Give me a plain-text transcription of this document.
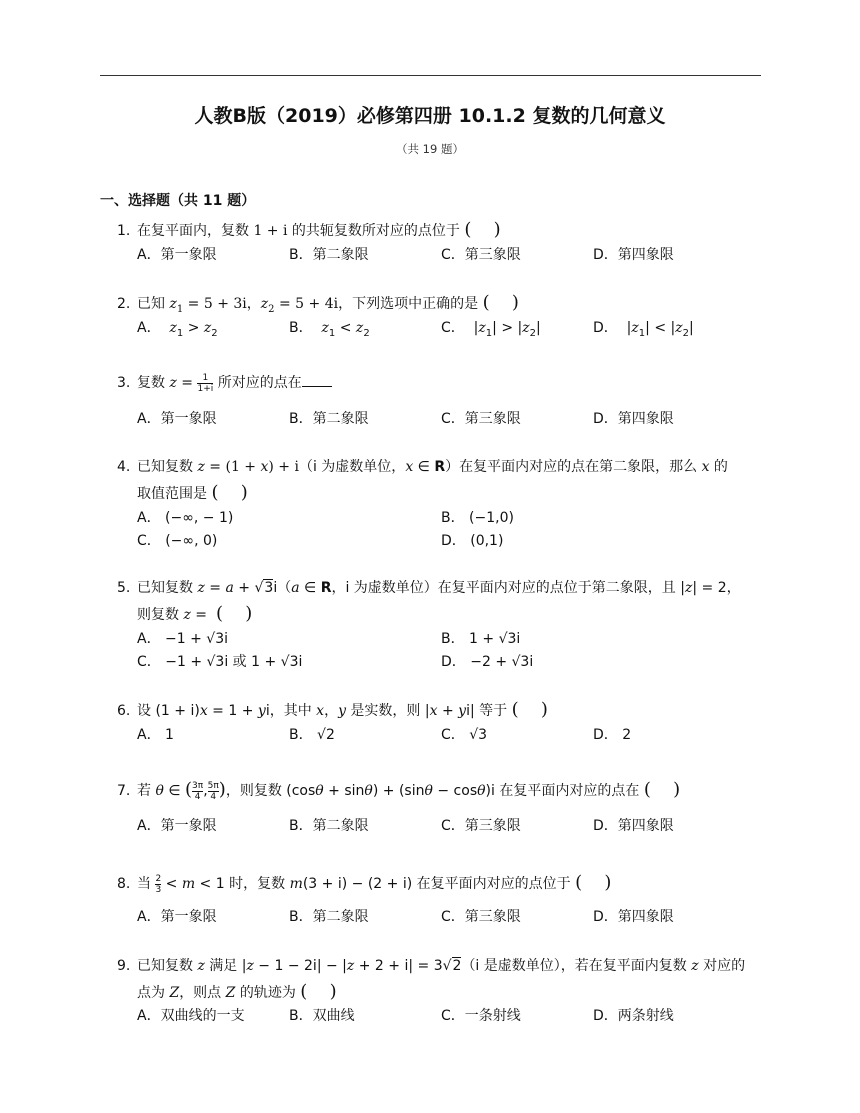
人教B版（2019）必修第四册 10.1.2 复数的几何意义
（共 19 题）
一、选择题（共 11 题）
1. 在复平面内，复数 1 + i 的共轭复数所对应的点位于 ( )
A．第一象限	B．第二象限	C．第三象限	D．第四象限
2. 已知 $z_1 = 5 + 3i$，$z_2 = 5 + 4i$，下列选项中正确的是 ( )
A．  $z_1 > z_2$	B．  $z_1 < z_2$	C．  $|z_1| > |z_2|$	D．  $|z_1| < |z_2|$
3. 复数 $z = \frac{1}{1+i}$ 所对应的点在
A．第一象限	B．第二象限	C．第三象限	D．第四象限
4. 已知复数 z = (1 + x) + i（i 为虚数单位，x ∈ R）在复平面内对应的点在第二象限，那么 x 的
取值范围是 ( )
A． (−∞, − 1)	B． (−1,0)
C． (−∞, 0)	D． (0,1)
5. 已知复数 z = a + √3i（a ∈ R，i 为虚数单位）在复平面内对应的点位于第二象限，且 |z| = 2，
则复数 z =  ( )
A． −1 + √3i	B． 1 + √3i
C． −1 + √3i 或 1 + √3i	D． −2 + √3i
6. 设 (1 + i)x = 1 + yi，其中 x，y 是实数，则 |x + yi| 等于 ( )
A． 1	B． √2	C． √3	D． 2
7. 若 θ ∈ ( $\frac{3\pi}{4}$ , $\frac{5\pi}{4}$ )，则复数 (cosθ + sinθ) + (sinθ − cosθ)i 在复平面内对应的点在 ( )
A．第一象限	B．第二象限	C．第三象限	D．第四象限
8. 当 $\frac{2}{3} < m < 1$ 时，复数 m(3 + i) − (2 + i) 在复平面内对应的点位于 ( )
A．第一象限	B．第二象限	C．第三象限	D．第四象限
9. 已知复数 z 满足 |z − 1 − 2i| − |z + 2 + i| = 3√2（i 是虚数单位），若在复平面内复数 z 对应的
点为 Z，则点 Z 的轨迹为 ( )
A．双曲线的一支	B．双曲线	C．一条射线	D．两条射线
